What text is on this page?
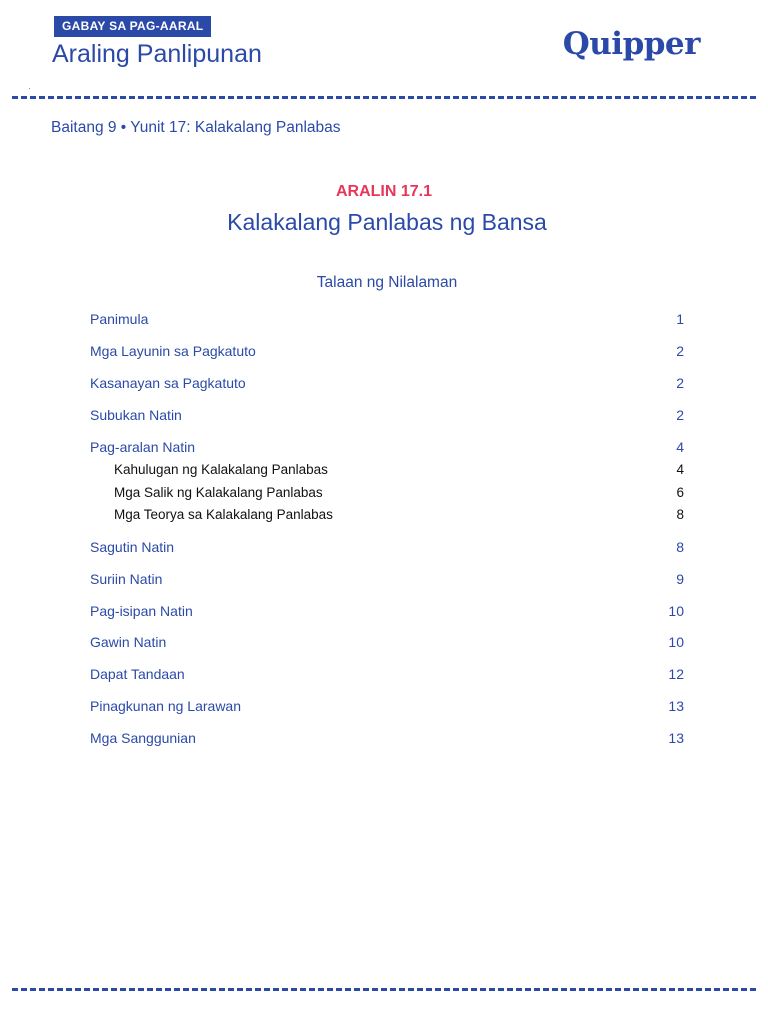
GABAY SA PAG-AARAL
Araling Panlipunan	Quipper
Baitang 9 • Yunit 17: Kalakalang Panlabas
ARALIN 17.1
Kalakalang Panlabas ng Bansa
Talaan ng Nilalaman
Panimula	1
Mga Layunin sa Pagkatuto	2
Kasanayan sa Pagkatuto	2
Subukan Natin	2
Pag-aralan Natin	4
Kahulugan ng Kalakalang Panlabas	4
Mga Salik ng Kalakalang Panlabas	6
Mga Teorya sa Kalakalang Panlabas	8
Sagutin Natin	8
Suriin Natin	9
Pag-isipan Natin	10
Gawin Natin	10
Dapat Tandaan	12
Pinagkunan ng Larawan	13
Mga Sanggunian	13
